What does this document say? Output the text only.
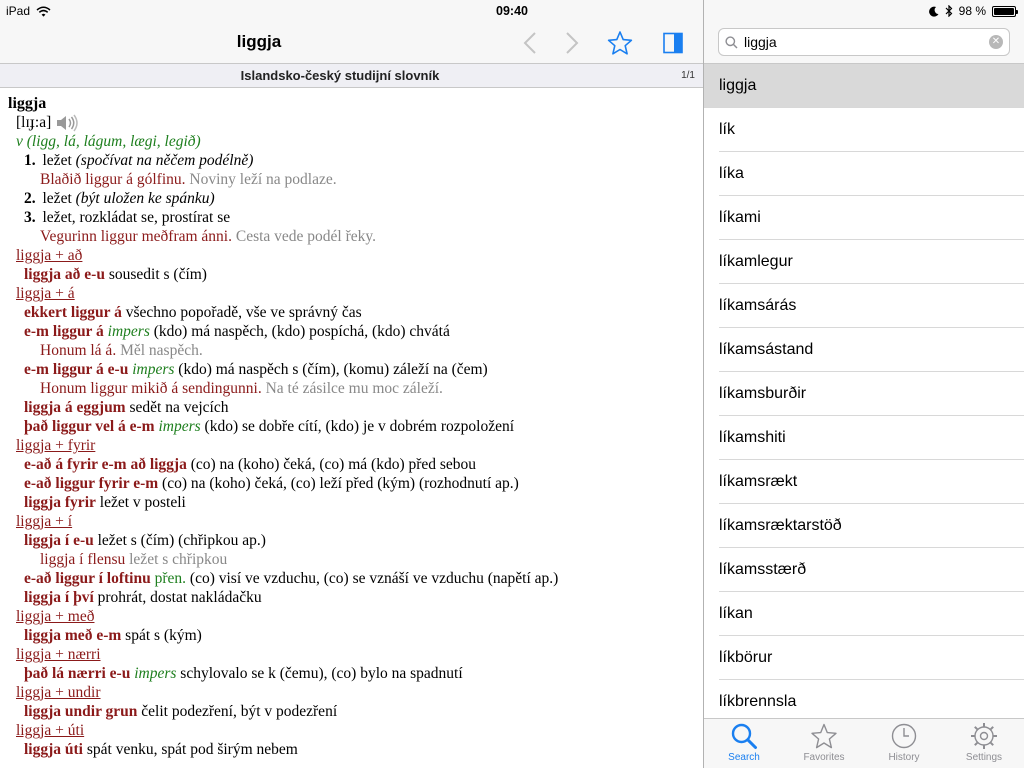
liggja
Islandsko-český studijní slovník	1/1
liggja
[lɪɟ:a]
v (ligg, lá, lágum, lægi, legið)
1. ležet (spočívat na něčem podélně)
Blaðið liggur á gólfinu. Noviny leží na podlaze.
2. ležet (být uložen ke spánku)
3. ležet, rozkládat se, prostírat se
Vegurinn liggur meðfram ánni. Cesta vede podél řeky.
liggja + að
liggja að e-u sousedit s (čím)
liggja + á
ekkert liggur á všechno popořadě, vše ve správný čas
e-m liggur á impers (kdo) má naspěch, (kdo) pospíchá, (kdo) chvátá
Honum lá á. Měl naspěch.
e-m liggur á e-u impers (kdo) má naspěch s (čím), (komu) záleží na (čem)
Honum liggur mikið á sendingunni. Na té zásilce mu moc záleží.
liggja á eggjum sedět na vejcích
það liggur vel á e-m impers (kdo) se dobře cítí, (kdo) je v dobrém rozpoložení
liggja + fyrir
e-að á fyrir e-m að liggja (co) na (koho) čeká, (co) má (kdo) před sebou
e-að liggur fyrir e-m (co) na (koho) čeká, (co) leží před (kým) (rozhodnutí ap.)
liggja fyrir ležet v posteli
liggja + í
liggja í e-u ležet s (čím) (chřipkou ap.)
liggja í flensu ležet s chřipkou
e-að liggur í loftinu přen. (co) visí ve vzduchu, (co) se vznáší ve vzduchu (napětí ap.)
liggja í því prohrát, dostat nakládačku
liggja + með
liggja með e-m spát s (kým)
liggja + nærri
það lá nærri e-u impers schylovalo se k (čemu), (co) bylo na spadnutí
liggja + undir
liggja undir grun čelit podezření, být v podezření
liggja + úti
liggja úti spát venku, spát pod širým nebem
liggja
✕
liggja
lík
líka
líkami
líkamlegur
líkamsárás
líkamsástand
líkamsburðir
líkamshiti
líkamsrækt
líkamsræktarstöð
líkamsstærð
líkan
líkbörur
líkbrennsla
Search	Favorites	History	Settings
iPad	09:40	98 %
